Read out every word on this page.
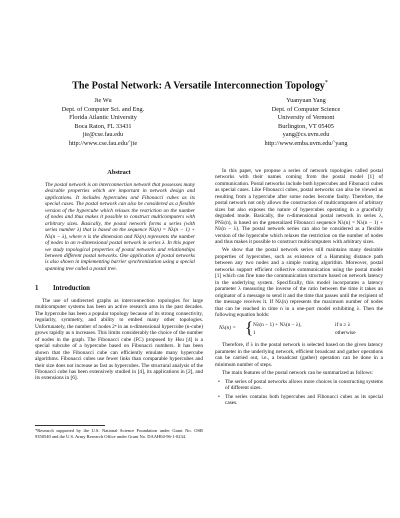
The Postal Network: A Versatile Interconnection Topology*
Jie Wu
Dept. of Computer Sci. and Eng.
Florida Atlantic University
Boca Raton, FL 33431
jie@cse.fau.edu
http://www.cse.fau.edu/˜jie
Yuanyuan Yang
Dept. of Computer Science
University of Vermont
Burlington, VT 05405
yang@cs.uvm.edu
http://www.emba.uvm.edu/˜yang
Abstract
The postal network is an interconnection network that possesses many desirable properties which are important in network design and applications. It includes hypercubes and Fibonacci cubes as its special cases. The postal network can also be considered as a flexible version of the hypercube which relaxes the restriction on the number of nodes and thus makes it possible to construct multicomputers with arbitrary sizes. Basically, the postal network forms a series (with series number λ) that is based on the sequence Nλ(n) = Nλ(n − 1) + Nλ(n − λ), where n is the dimension and Nλ(n) represents the number of nodes in an n-dimensional postal network in series λ. In this paper we study topological properties of postal networks and relationships between different postal networks. One application of postal networks is also shown in implementing barrier synchronization using a special spanning tree called a postal tree.
1 Introduction

The use of undirected graphs as interconnection topologies for large multicomputer systems has been an active research area in the past decades. The hypercube has been a popular topology because of its strong connectivity, regularity, symmetry, and ability to embed many other topologies. Unfortunately, the number of nodes 2ⁿ in an n-dimensional hypercube (n-cube) grows rapidly as n increases. This limits considerably the choice of the number of nodes in the graph. The Fibonacci cube (FC) proposed by Hsu [4] is a special subcube of a hypercube based on Fibonacci numbers. It has been shown that the Fibonacci cube can efficiently emulate many hypercube algorithms. Fibonacci cubes use fewer links than comparable hypercubes and their size does not increase as fast as hypercubes. The structural analysis of the Fibonacci cube has been extensively studied in [4], its applications in [2], and its extensions in [6].

*Research supported by the U.S. National Science Foundation under Grant No. OSR 9350540 and the U.S. Army Research Office under Grant No. DAAH04-96-1-0234.

In this paper, we propose a series of network topologies called postal networks with their names coming from the postal model [1] of communication. Postal networks include both hypercubes and Fibonacci cubes as special cases. Like Fibonacci cubes, postal networks can also be viewed as resulting from a hypercube after some nodes become faulty. Therefore, the postal network not only allows the construction of multicomputers of arbitrary sizes but also exposes the nature of hypercubes operating in a gracefully degraded mode. Basically, the n-dimensional postal network in series λ, PNλ(n), is based on the generalized Fibonacci sequence Nλ(n) = Nλ(n − 1) + Nλ(n − λ). The postal network series can also be considered as a flexible version of the hypercube which relaxes the restriction on the number of nodes and thus makes it possible to construct multicomputers with arbitrary sizes.

We show that the postal network series still maintains many desirable properties of hypercubes, such as existence of a Hamming distance path between any two nodes and a simple routing algorithm. Moreover, postal networks support efficient collective communication using the postal model [1] which can fine tune the communication structure based on network latency in the underlying system. Specifically, this model incorporates a latency parameter λ measuring the inverse of the ratio between the time it takes an originator of a message to send it and the time that passes until the recipient of the message receives it. If Nλ(n) represents the maximum number of nodes that can be reached in time n in a one-port model exhibiting λ. Then the following equation holds:

Nλ(n) = { Nλ(n − 1) + Nλ(n − λ),	if n ≥ λ
1	otherwise

Therefore, if λ in the postal network is selected based on the given latency parameter in the underlying network, efficient broadcast and gather operations can be carried out, i.e., a broadcast (gather) operation can be done in a minimum number of steps.

The main features of the postal network can be summarized as follows:

• The series of postal networks allows more choices in constructing systems of different sizes.
• The series contains both hypercubes and Fibonacci cubes as its special cases.
